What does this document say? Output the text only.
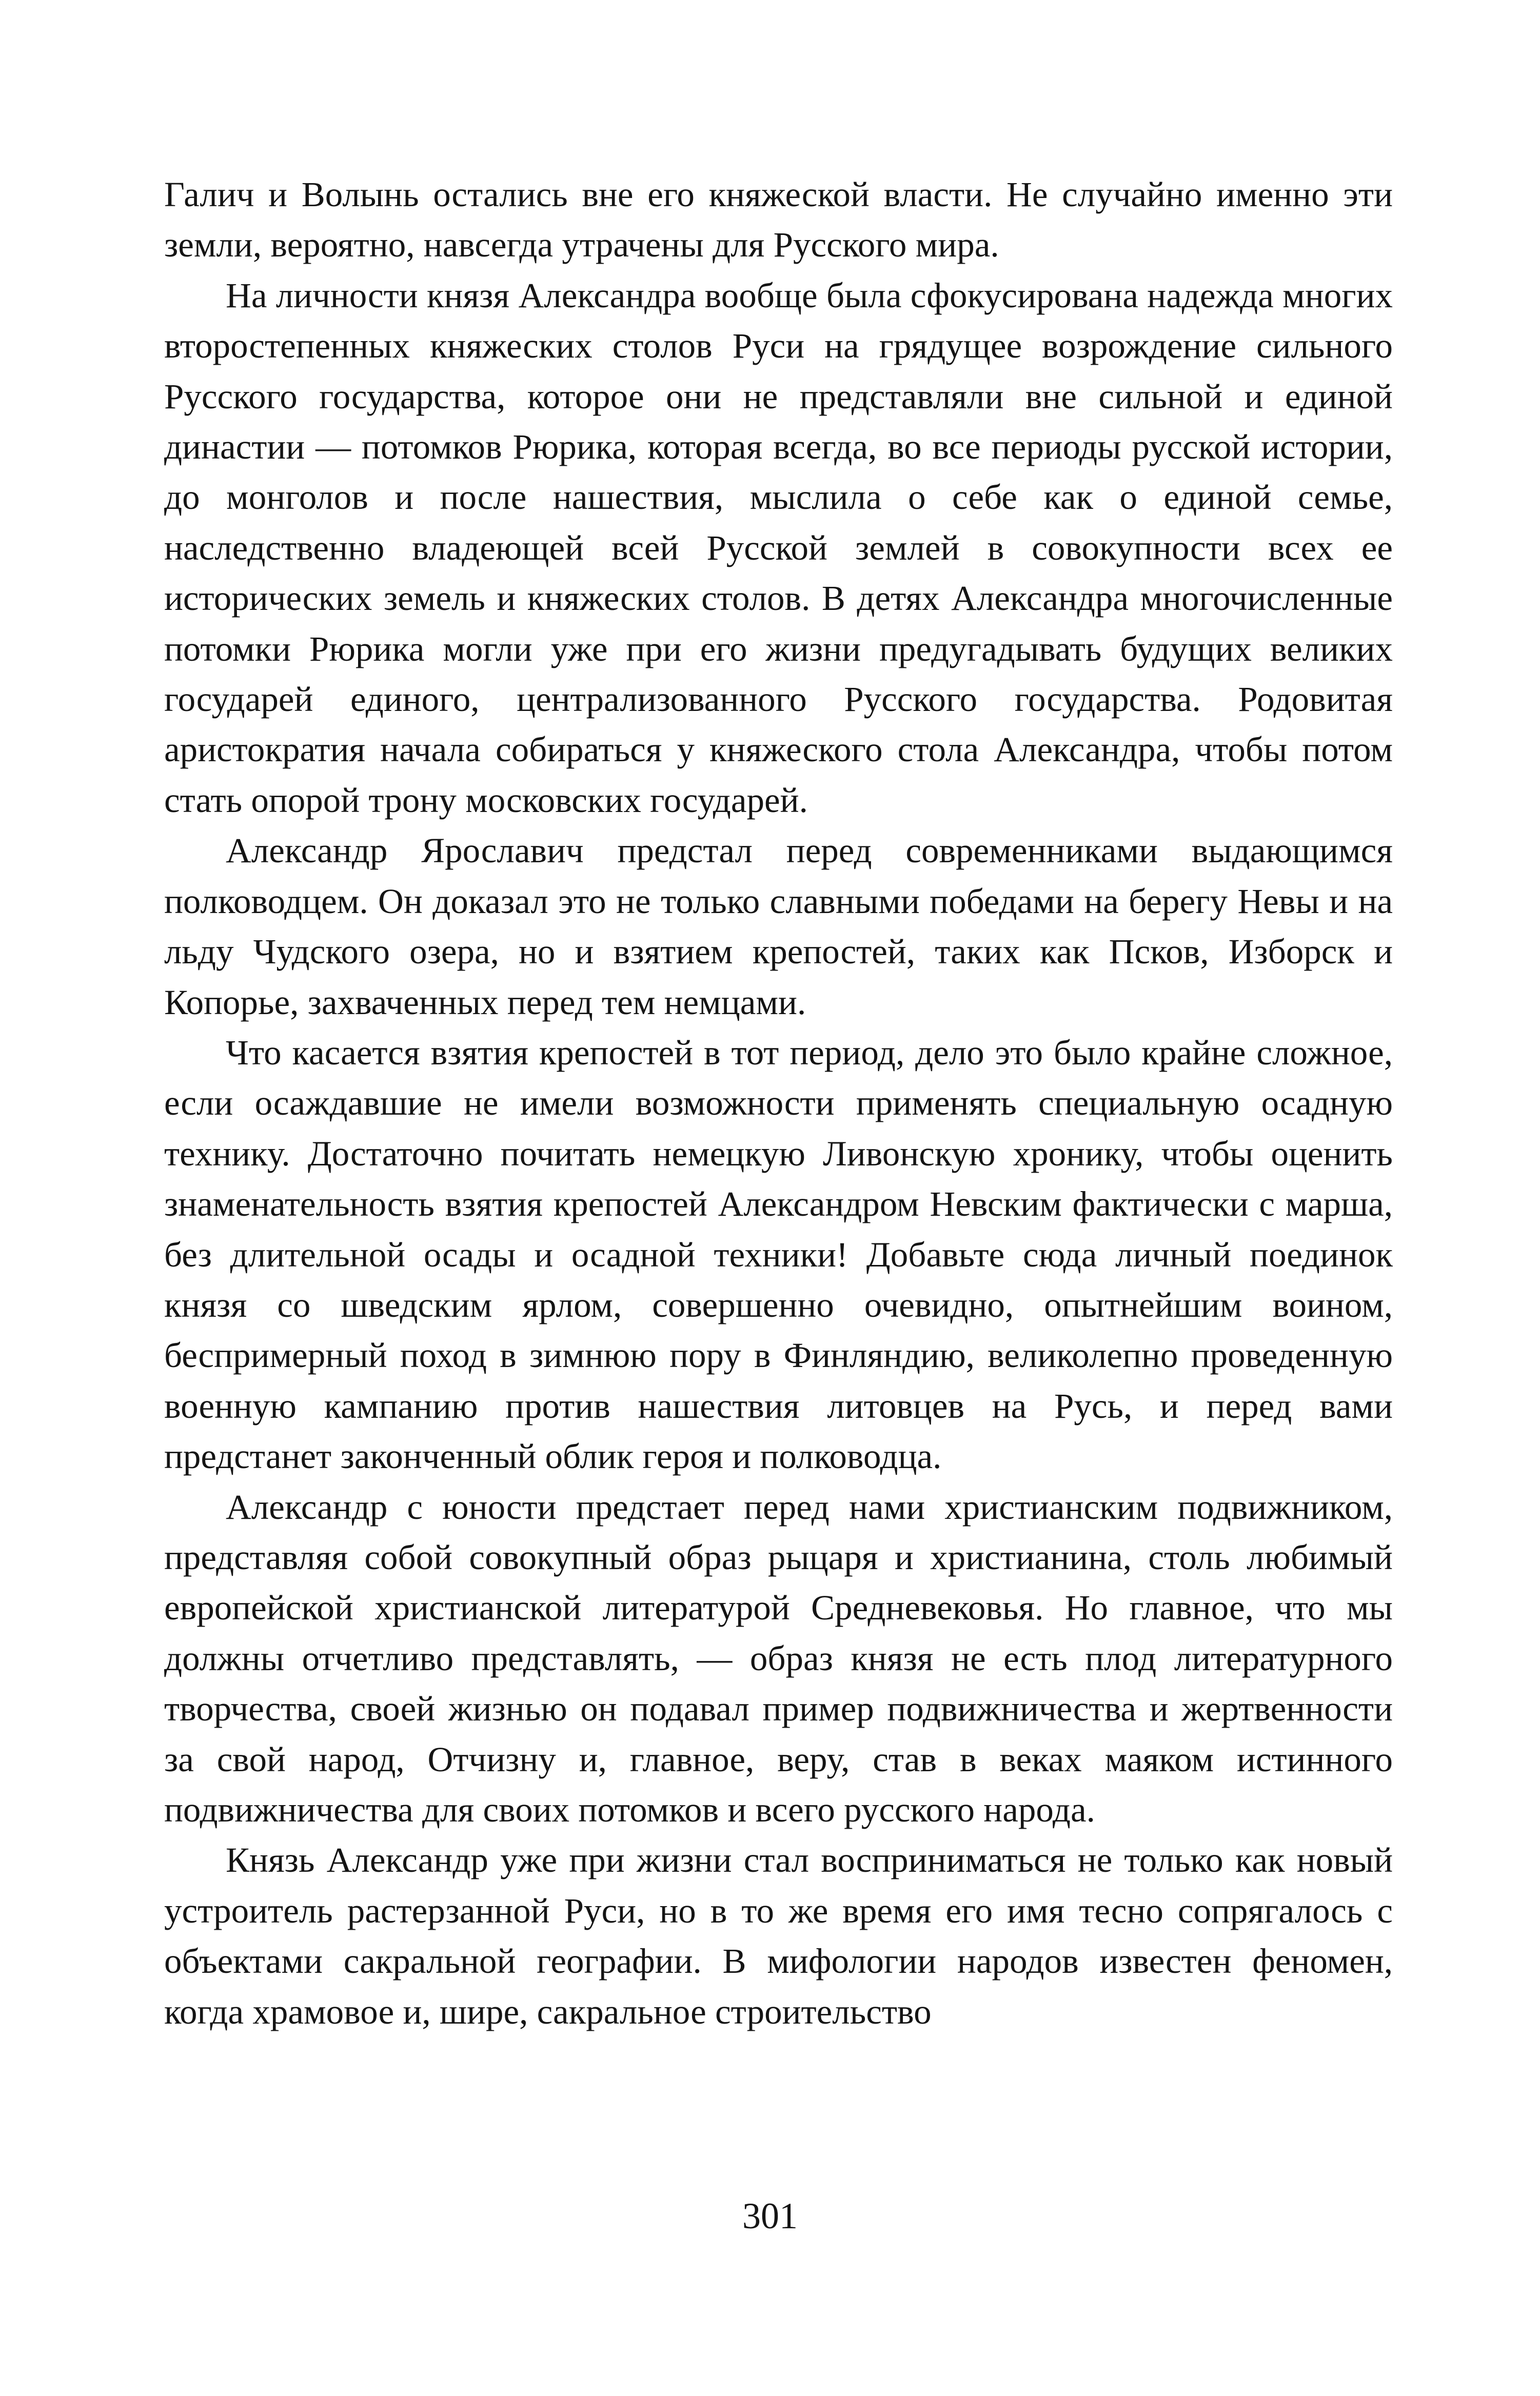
Галич и Волынь остались вне его княжеской власти. Не случайно именно эти земли, вероятно, навсегда утрачены для Русского мира.

На личности князя Александра вообще была сфокусирована надежда многих второстепенных княжеских столов Руси на грядущее возрождение сильного Русского государства, которое они не представляли вне сильной и единой династии — потомков Рюрика, которая всегда, во все периоды русской истории, до монголов и после нашествия, мыслила о себе как о единой семье, наследственно владеющей всей Русской землей в совокупности всех ее исторических земель и княжеских столов. В детях Александра многочисленные потомки Рюрика могли уже при его жизни предугадывать будущих великих государей единого, централизованного Русского государства. Родовитая аристократия начала собираться у княжеского стола Александра, чтобы потом стать опорой трону московских государей.

Александр Ярославич предстал перед современниками выдающимся полководцем. Он доказал это не только славными победами на берегу Невы и на льду Чудского озера, но и взятием крепостей, таких как Псков, Изборск и Копорье, захваченных перед тем немцами.

Что касается взятия крепостей в тот период, дело это было крайне сложное, если осаждавшие не имели возможности применять специальную осадную технику. Достаточно почитать немецкую Ливонскую хронику, чтобы оценить знаменательность взятия крепостей Александром Невским фактически с марша, без длительной осады и осадной техники! Добавьте сюда личный поединок князя со шведским ярлом, совершенно очевидно, опытнейшим воином, беспримерный поход в зимнюю пору в Финляндию, великолепно проведенную военную кампанию против нашествия литовцев на Русь, и перед вами предстанет законченный облик героя и полководца.

Александр с юности предстает перед нами христианским подвижником, представляя собой совокупный образ рыцаря и христианина, столь любимый европейской христианской литературой Средневековья. Но главное, что мы должны отчетливо представлять, — образ князя не есть плод литературного творчества, своей жизнью он подавал пример подвижничества и жертвенности за свой народ, Отчизну и, главное, веру, став в веках маяком истинного подвижничества для своих потомков и всего русского народа.

Князь Александр уже при жизни стал восприниматься не только как новый устроитель растерзанной Руси, но в то же время его имя тесно сопрягалось с объектами сакральной географии. В мифологии народов известен феномен, когда храмовое и, шире, сакральное строительство

301
